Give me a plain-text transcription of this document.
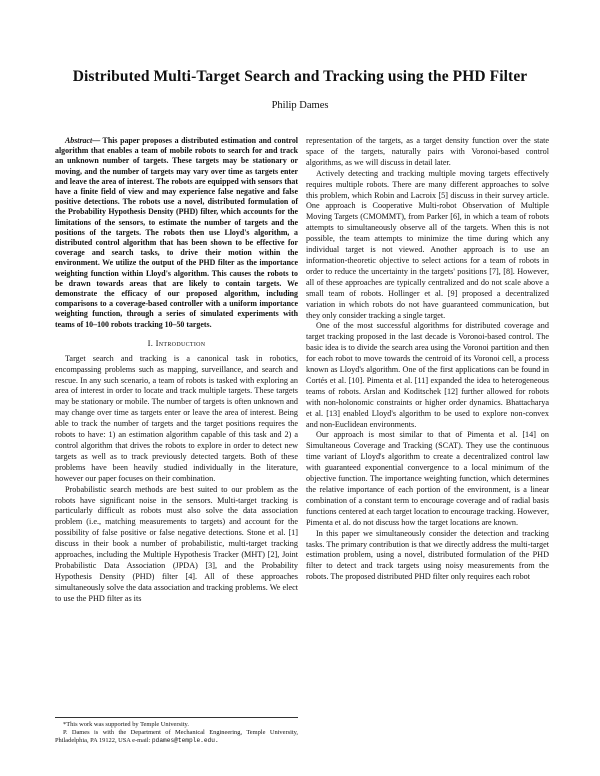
Distributed Multi-Target Search and Tracking using the PHD Filter
Philip Dames

Abstract— This paper proposes a distributed estimation and control algorithm that enables a team of mobile robots to search for and track an unknown number of targets. These targets may be stationary or moving, and the number of targets may vary over time as targets enter and leave the area of interest. The robots are equipped with sensors that have a finite field of view and may experience false negative and false positive detections. The robots use a novel, distributed formulation of the Probability Hypothesis Density (PHD) filter, which accounts for the limitations of the sensors, to estimate the number of targets and the positions of the targets. The robots then use Lloyd's algorithm, a distributed control algorithm that has been shown to be effective for coverage and search tasks, to drive their motion within the environment. We utilize the output of the PHD filter as the importance weighting function within Lloyd's algorithm. This causes the robots to be drawn towards areas that are likely to contain targets. We demonstrate the efficacy of our proposed algorithm, including comparisons to a coverage-based controller with a uniform importance weighting function, through a series of simulated experiments with teams of 10–100 robots tracking 10–50 targets.

I. Introduction

Target search and tracking is a canonical task in robotics, encompassing problems such as mapping, surveillance, and search and rescue. In any such scenario, a team of robots is tasked with exploring an area of interest in order to locate and track multiple targets. These targets may be stationary or mobile. The number of targets is often unknown and may change over time as targets enter or leave the area of interest. Being able to track the number of targets and the target positions requires the robots to have: 1) an estimation algorithm capable of this task and 2) a control algorithm that drives the robots to explore in order to detect new targets as well as to track previously detected targets. Both of these problems have been heavily studied individually in the literature, however our paper focuses on their combination.

Probabilistic search methods are best suited to our problem as the robots have significant noise in the sensors. Multi-target tracking is particularly difficult as robots must also solve the data association problem (i.e., matching measurements to targets) and account for the possibility of false positive or false negative detections. Stone et al. [1] discuss in their book a number of probabilistic, multi-target tracking approaches, including the Multiple Hypothesis Tracker (MHT) [2], Joint Probabilistic Data Association (JPDA) [3], and the Probability Hypothesis Density (PHD) filter [4]. All of these approaches simultaneously solve the data association and tracking problems. We elect to use the PHD filter as its

representation of the targets, as a target density function over the state space of the targets, naturally pairs with Voronoi-based control algorithms, as we will discuss in detail later.

Actively detecting and tracking multiple moving targets effectively requires multiple robots. There are many different approaches to solve this problem, which Robin and Lacroix [5] discuss in their survey article. One approach is Cooperative Multi-robot Observation of Multiple Moving Targets (CMOMMT), from Parker [6], in which a team of robots attempts to simultaneously observe all of the targets. When this is not possible, the team attempts to minimize the time during which any individual target is not viewed. Another approach is to use an information-theoretic objective to select actions for a team of robots in order to reduce the uncertainty in the targets' positions [7], [8]. However, all of these approaches are typically centralized and do not scale above a small team of robots. Hollinger et al. [9] proposed a decentralized variation in which robots do not have guaranteed communication, but they only consider tracking a single target.

One of the most successful algorithms for distributed coverage and target tracking proposed in the last decade is Voronoi-based control. The basic idea is to divide the search area using the Voronoi partition and then for each robot to move towards the centroid of its Voronoi cell, a process known as Lloyd's algorithm. One of the first applications can be found in Cortés et al. [10]. Pimenta et al. [11] expanded the idea to heterogeneous teams of robots. Arslan and Koditschek [12] further allowed for robots with non-holonomic constraints or higher order dynamics. Bhattacharya et al. [13] enabled Lloyd's algorithm to be used to explore non-convex and non-Euclidean environments.

Our approach is most similar to that of Pimenta et al. [14] on Simultaneous Coverage and Tracking (SCAT). They use the continuous time variant of Lloyd's algorithm to create a decentralized control law with guaranteed exponential convergence to a local minimum of the objective function. The importance weighting function, which determines the relative importance of each portion of the environment, is a linear combination of a constant term to encourage coverage and of radial basis functions centered at each target location to encourage tracking. However, Pimenta et al. do not discuss how the target locations are known.

In this paper we simultaneously consider the detection and tracking tasks. The primary contribution is that we directly address the multi-target estimation problem, using a novel, distributed formulation of the PHD filter to detect and track targets using noisy measurements from the robots. The proposed distributed PHD filter only requires each robot

*This work was supported by Temple University.

P. Dames is with the Department of Mechanical Engineering, Temple University, Philadelphia, PA 19122, USA e-mail: pdames@temple.edu.
